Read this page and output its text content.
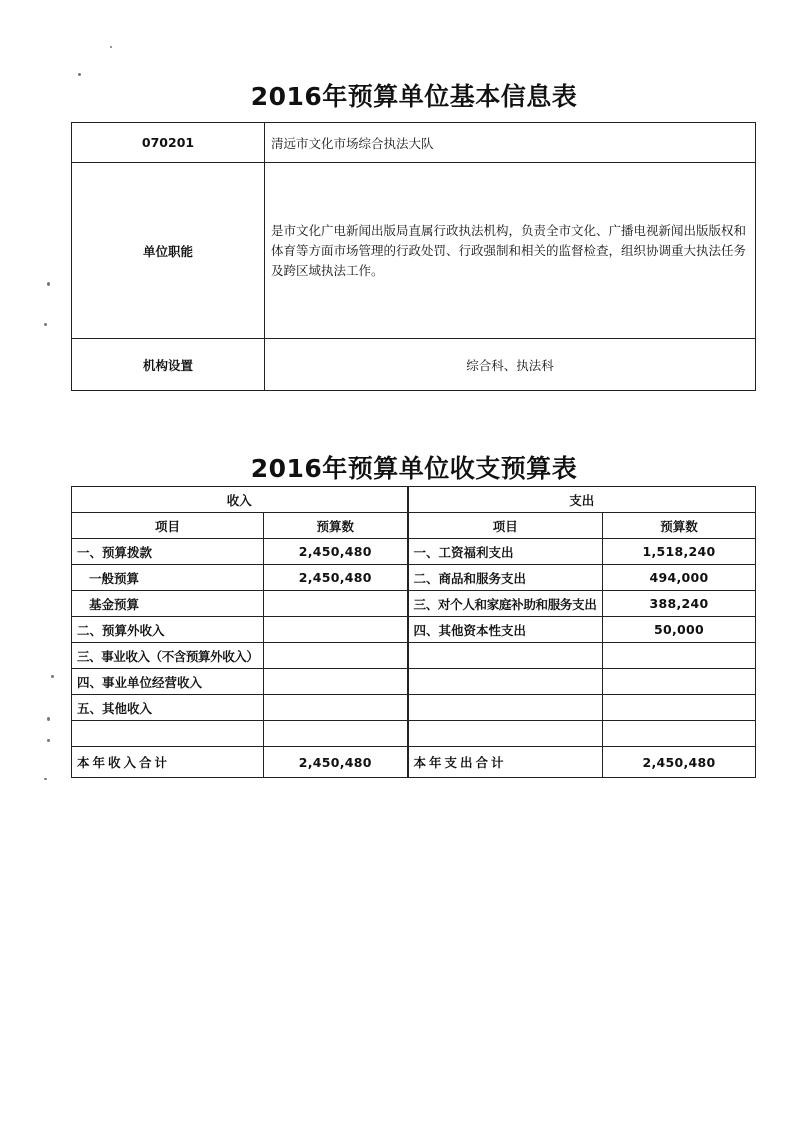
2016年预算单位基本信息表
070201	清远市文化市场综合执法大队
单位职能	是市文化广电新闻出版局直属行政执法机构，负责全市文化、广播电视新闻出版版权和体育等方面市场管理的行政处罚、行政强制和相关的监督检查，组织协调重大执法任务及跨区域执法工作。
机构设置	综合科、执法科
2016年预算单位收支预算表
收入		支出	
项目	预算数	项目	预算数
一、预算拨款	2,450,480	一、工资福利支出	1,518,240
一般预算	2,450,480	二、商品和服务支出	494,000
基金预算		三、对个人和家庭补助和服务支出	388,240
二、预算外收入		四、其他资本性支出	50,000
三、事业收入（不含预算外收入）			
四、事业单位经营收入			
五、其他收入			

本年收入合计	2,450,480	本年支出合计	2,450,480
